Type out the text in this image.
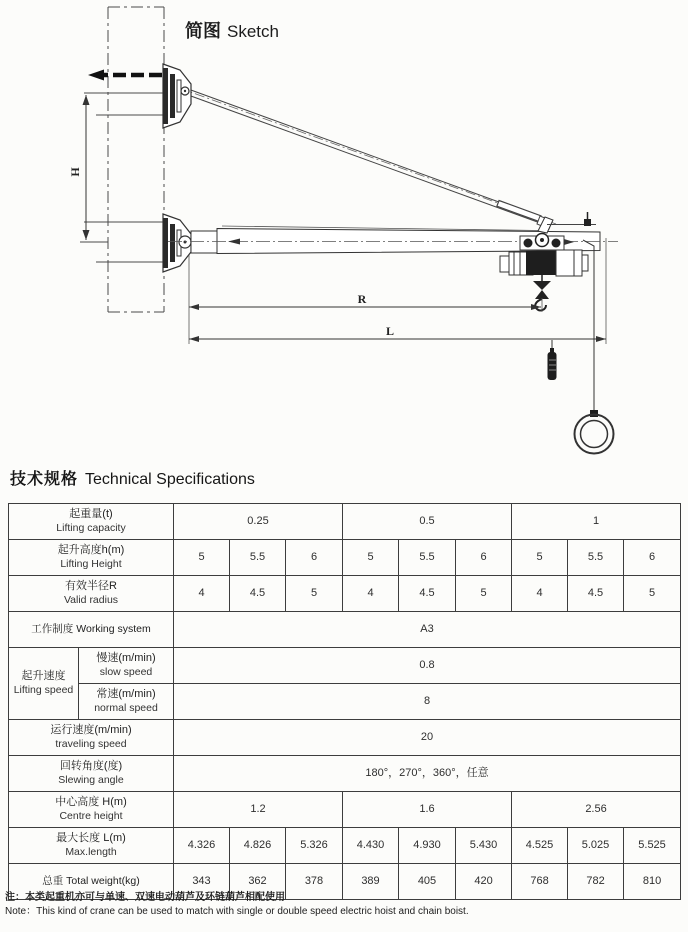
H
R
L
简图 Sketch
技术规格 Technical Specifications
起重量(t)
Lifting capacity		0.25			0.5			1		

起升高度h(m)
Lifting Height		5	5.5	6	5	5.5	6	5	5.5	6

有效半径R
Valid radius		4	4.5	5	4	4.5	5	4	4.5	5
工作制度 Working system		A3								

起升速度
Lifting speed	慢速(m/min)
slow speed	0.8								

	常速(m/min)
normal speed	8								

运行速度(m/min)
traveling speed		20								

回转角度(度)
Slewing angle		180°，270°，360°，任意								

中心高度 H(m)
Centre height		1.2			1.6			2.56		

最大长度 L(m)
Max.length		4.326	4.826	5.326	4.430	4.930	5.430	4.525	5.025	5.525
总重 Total weight(kg)		343	362	378	389	405	420	768	782	810
注：本类起重机亦可与单速、双速电动葫芦及环链葫芦相配使用
Note：This kind of crane can be used to match with single or double speed electric hoist and chain boist.
